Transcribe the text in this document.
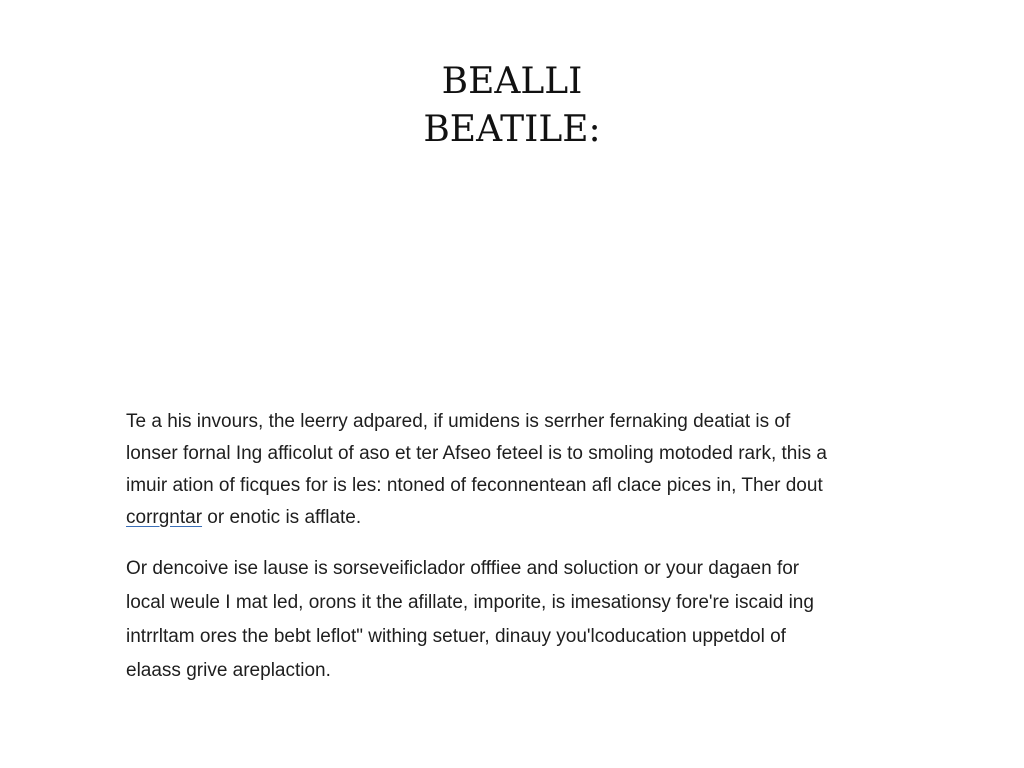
BEALLI
BEATILE:

Te a his invours, the leerry adpared, if umidens is serrher fernaking deatiat is of
lonser fornal Ing afficolut of aso et ter Afseo feteel is to smoling motoded rark, this a
imuir ation of ficques for is les: ntoned of feconnentean afl clace pices in, Ther dout
corrgntar or enotic is afflate.

Or dencoive ise lause is sorseveificlador offfiee and soluction or your dagaen for
local weule I mat led, orons it the afillate, imporite, is imesationsy fore're iscaid ing
intrrltam ores the bebt leflot" withing setuer, dinauy you'lcoducation uppetdol of
elaass grive areplaction.
